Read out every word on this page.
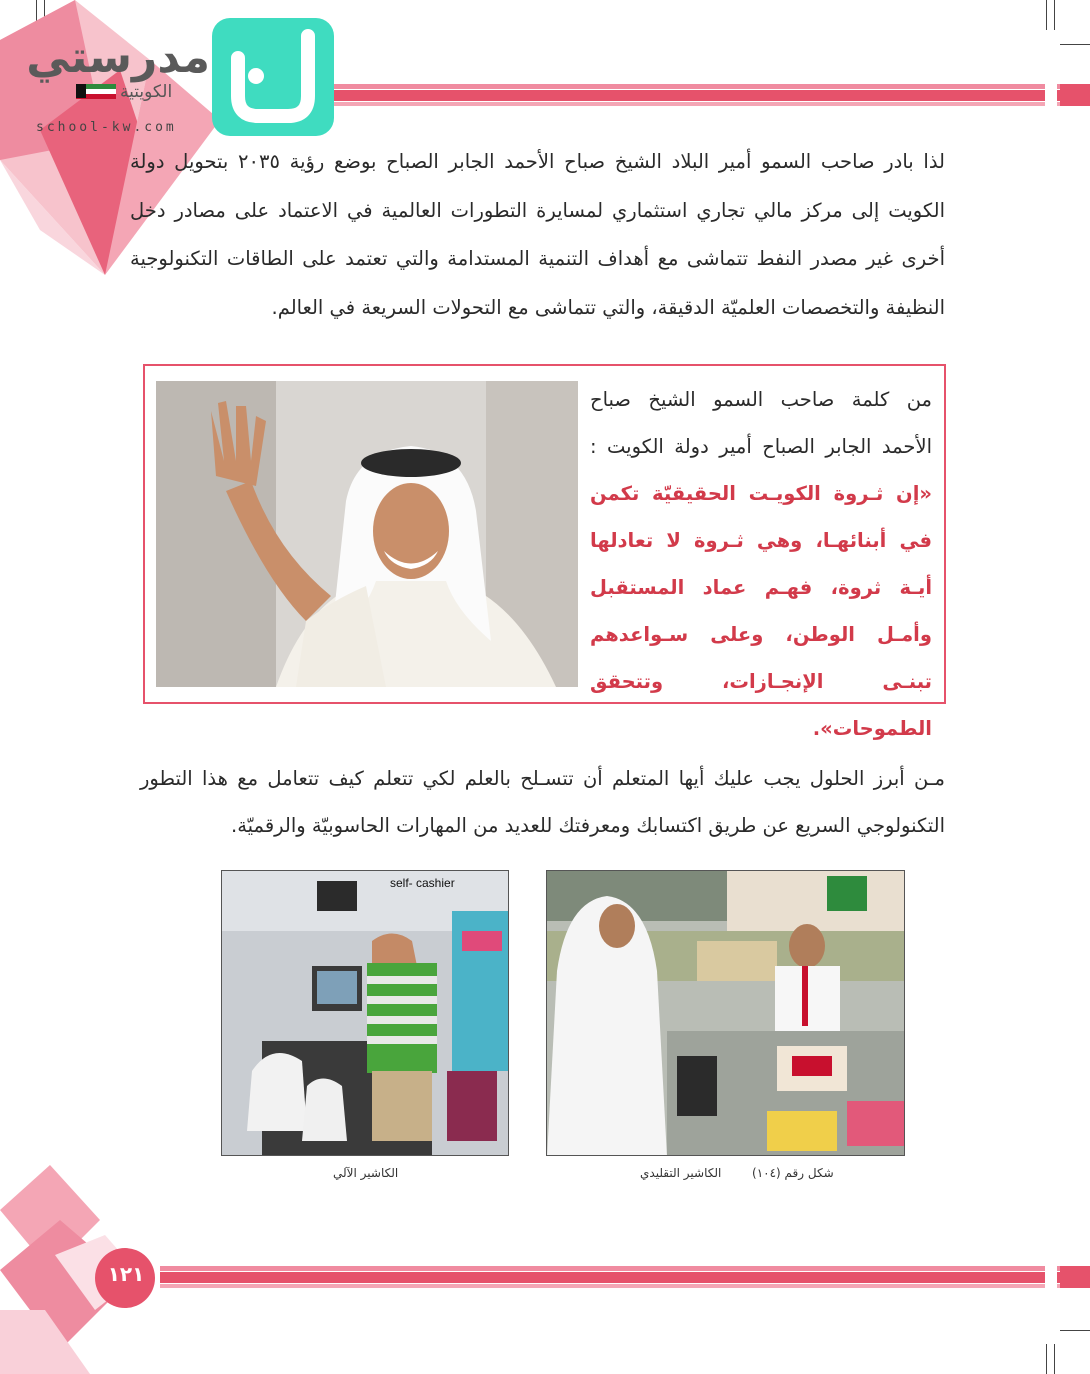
مدرستي
الكويتية
school-kw.com
لذا بادر صاحب السمو أمير البلاد الشيخ صباح الأحمد الجابر الصباح بوضع رؤية ٢٠٣٥ بتحويل دولة الكويت إلى مركز مالي تجاري استثماري لمسايرة التطورات العالمية في الاعتماد على مصادر دخل أخرى غير مصدر النفط تتماشى مع أهداف التنمية المستدامة والتي تعتمد على الطاقات التكنولوجية النظيفة والتخصصات العلميّة الدقيقة، والتي تتماشى مع التحولات السريعة في العالم.
من كلمة صاحب السمو الشيخ صباح الأحمد الجابر الصباح أمير دولة الكويت : «إن ثـروة الكويـت الحقيقيّة تكمن في أبنائهـا، وهي ثـروة لا تعادلها أيـة ثروة، فهـم عماد المستقبل وأمـل الوطن، وعلى سـواعدهم تبنـى الإنجـازات، وتتحقق الطموحات».
مـن أبرز الحلول يجب عليك أيها المتعلم أن تتسـلح بالعلم لكي تتعلم كيف تتعامل مع هذا التطور التكنولوجي السريع عن طريق اكتسابك ومعرفتك للعديد من المهارات الحاسوبيّة والرقميّة.
self- cashier
الكاشير الآلي	شكل رقم (١٠٤)
الكاشير التقليدي
١٢١
